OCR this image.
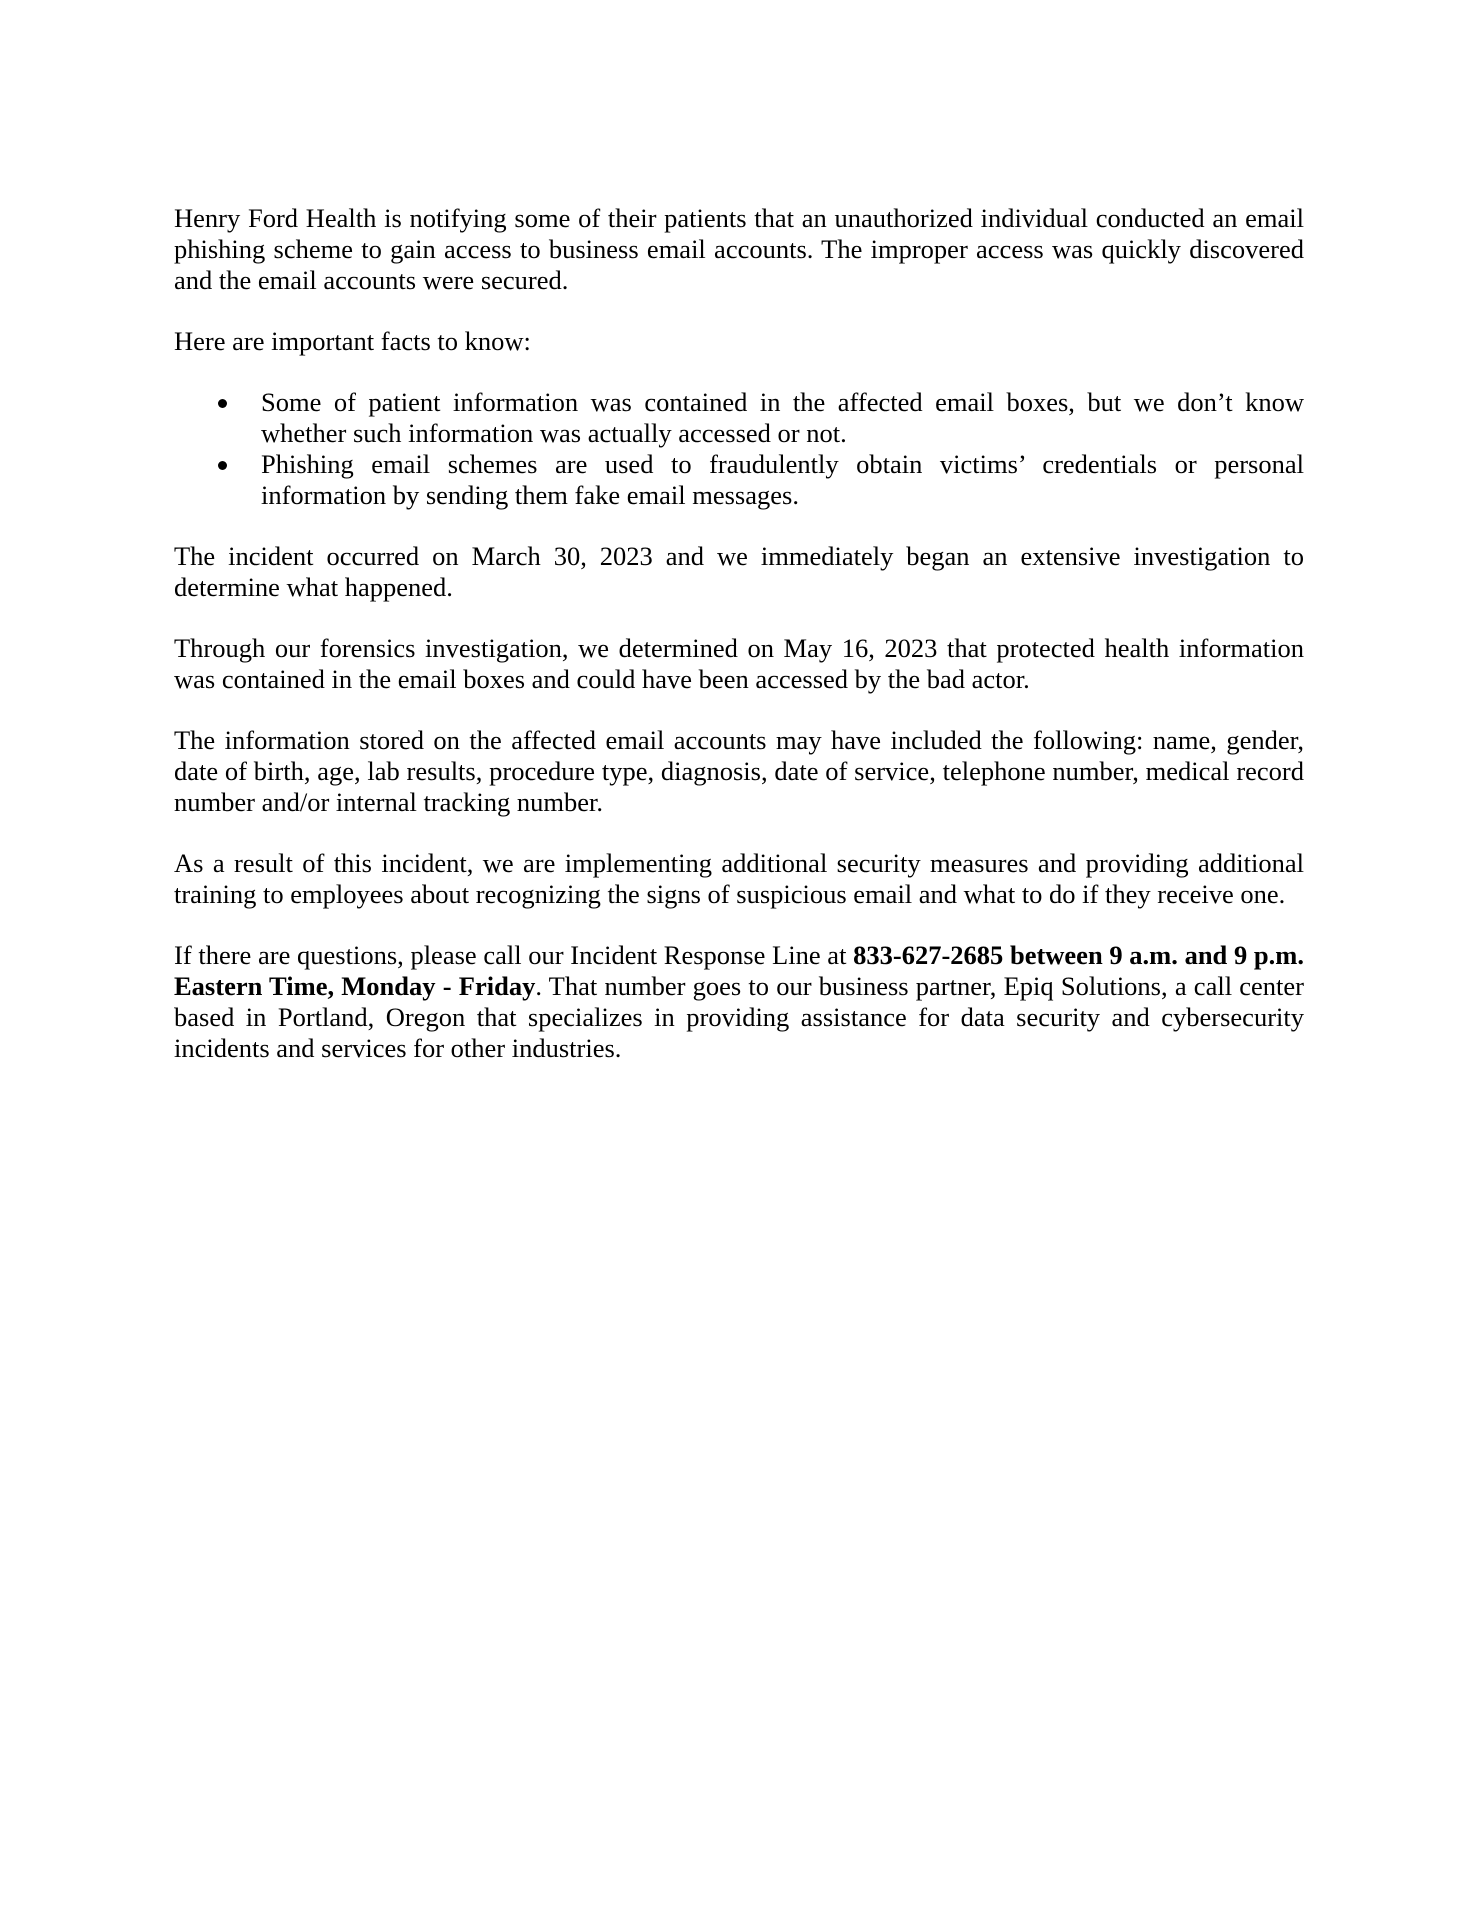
Henry Ford Health is notifying some of their patients that an unauthorized individual conducted an email phishing scheme to gain access to business email accounts. The improper access was quickly discovered and the email accounts were secured.

Here are important facts to know:

Some of patient information was contained in the affected email boxes, but we don’t know whether such information was actually accessed or not.
Phishing email schemes are used to fraudulently obtain victims’ credentials or personal information by sending them fake email messages.

The incident occurred on March 30, 2023 and we immediately began an extensive investigation to determine what happened.

Through our forensics investigation, we determined on May 16, 2023 that protected health information was contained in the email boxes and could have been accessed by the bad actor.

The information stored on the affected email accounts may have included the following: name, gender, date of birth, age, lab results, procedure type, diagnosis, date of service, telephone number, medical record number and/or internal tracking number.

As a result of this incident, we are implementing additional security measures and providing additional training to employees about recognizing the signs of suspicious email and what to do if they receive one.

If there are questions, please call our Incident Response Line at 833-627-2685 between 9 a.m. and 9 p.m. Eastern Time, Monday - Friday. That number goes to our business partner, Epiq Solutions, a call center based in Portland, Oregon that specializes in providing assistance for data security and cybersecurity incidents and services for other industries.
